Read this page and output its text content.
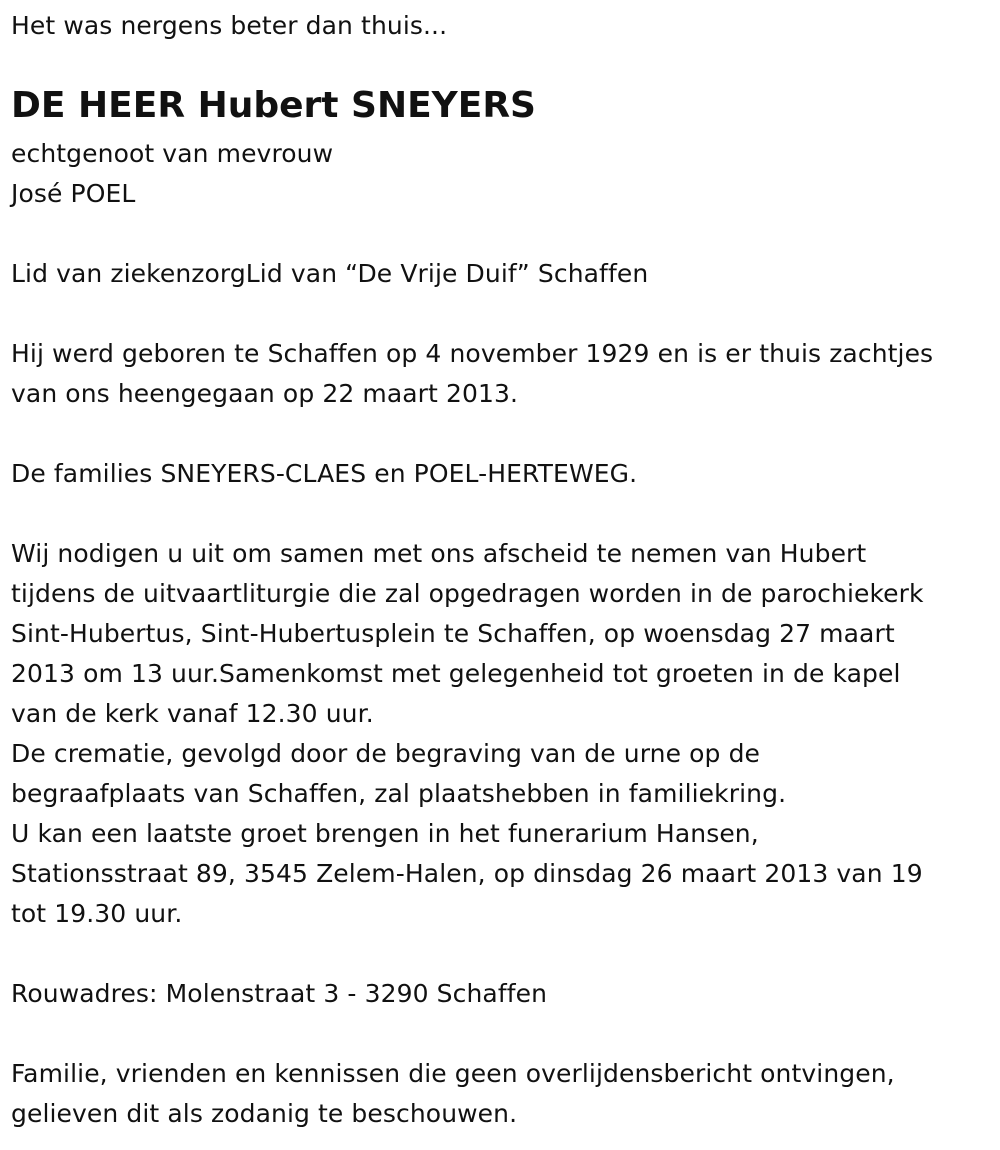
Het was nergens beter dan thuis...
DE HEER Hubert SNEYERS
echtgenoot van mevrouw
José POEL
Lid van ziekenzorgLid van “De Vrije Duif” Schaffen
Hij werd geboren te Schaffen op 4 november 1929 en is er thuis zachtjes
van ons heengegaan op 22 maart 2013.
De families SNEYERS-CLAES en POEL-HERTEWEG.
Wij nodigen u uit om samen met ons afscheid te nemen van Hubert
tijdens de uitvaartliturgie die zal opgedragen worden in de parochiekerk
Sint-Hubertus, Sint-Hubertusplein te Schaffen, op woensdag 27 maart
2013 om 13 uur.Samenkomst met gelegenheid tot groeten in de kapel
van de kerk vanaf 12.30 uur.
De crematie, gevolgd door de begraving van de urne op de
begraafplaats van Schaffen, zal plaatshebben in familiekring.
U kan een laatste groet brengen in het funerarium Hansen,
Stationsstraat 89, 3545 Zelem-Halen, op dinsdag 26 maart 2013 van 19
tot 19.30 uur.
Rouwadres: Molenstraat 3 - 3290 Schaffen
Familie, vrienden en kennissen die geen overlijdensbericht ontvingen,
gelieven dit als zodanig te beschouwen.
